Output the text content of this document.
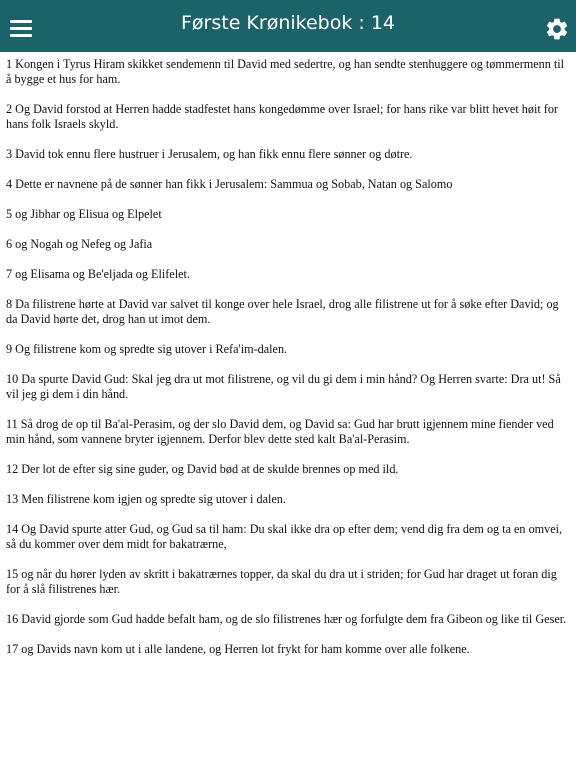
Første Krønikebok : 14

1 Kongen i Tyrus Hiram skikket sendemenn til David med sedertre, og han sendte stenhuggere og tømmermenn til å bygge et hus for ham.

2 Og David forstod at Herren hadde stadfestet hans kongedømme over Israel; for hans rike var blitt hevet høit for hans folk Israels skyld.

3 David tok ennu flere hustruer i Jerusalem, og han fikk ennu flere sønner og døtre.

4 Dette er navnene på de sønner han fikk i Jerusalem: Sammua og Sobab, Natan og Salomo

5 og Jibhar og Elisua og Elpelet

6 og Nogah og Nefeg og Jafia

7 og Elisama og Be'eljada og Elifelet.

8 Da filistrene hørte at David var salvet til konge over hele Israel, drog alle filistrene ut for å søke efter David; og da David hørte det, drog han ut imot dem.

9 Og filistrene kom og spredte sig utover i Refa'im-dalen.

10 Da spurte David Gud: Skal jeg dra ut mot filistrene, og vil du gi dem i min hånd? Og Herren svarte: Dra ut! Så vil jeg gi dem i din hånd.

11 Så drog de op til Ba'al-Perasim, og der slo David dem, og David sa: Gud har brutt igjennem mine fiender ved min hånd, som vannene bryter igjennem. Derfor blev dette sted kalt Ba'al-Perasim.

12 Der lot de efter sig sine guder, og David bød at de skulde brennes op med ild.

13 Men filistrene kom igjen og spredte sig utover i dalen.

14 Og David spurte atter Gud, og Gud sa til ham: Du skal ikke dra op efter dem; vend dig fra dem og ta en omvei, så du kommer over dem midt for bakatrærne,

15 og når du hører lyden av skritt i bakatrærnes topper, da skal du dra ut i striden; for Gud har draget ut foran dig for å slå filistrenes hær.

16 David gjorde som Gud hadde befalt ham, og de slo filistrenes hær og forfulgte dem fra Gibeon og like til Geser.

17 og Davids navn kom ut i alle landene, og Herren lot frykt for ham komme over alle folkene.
